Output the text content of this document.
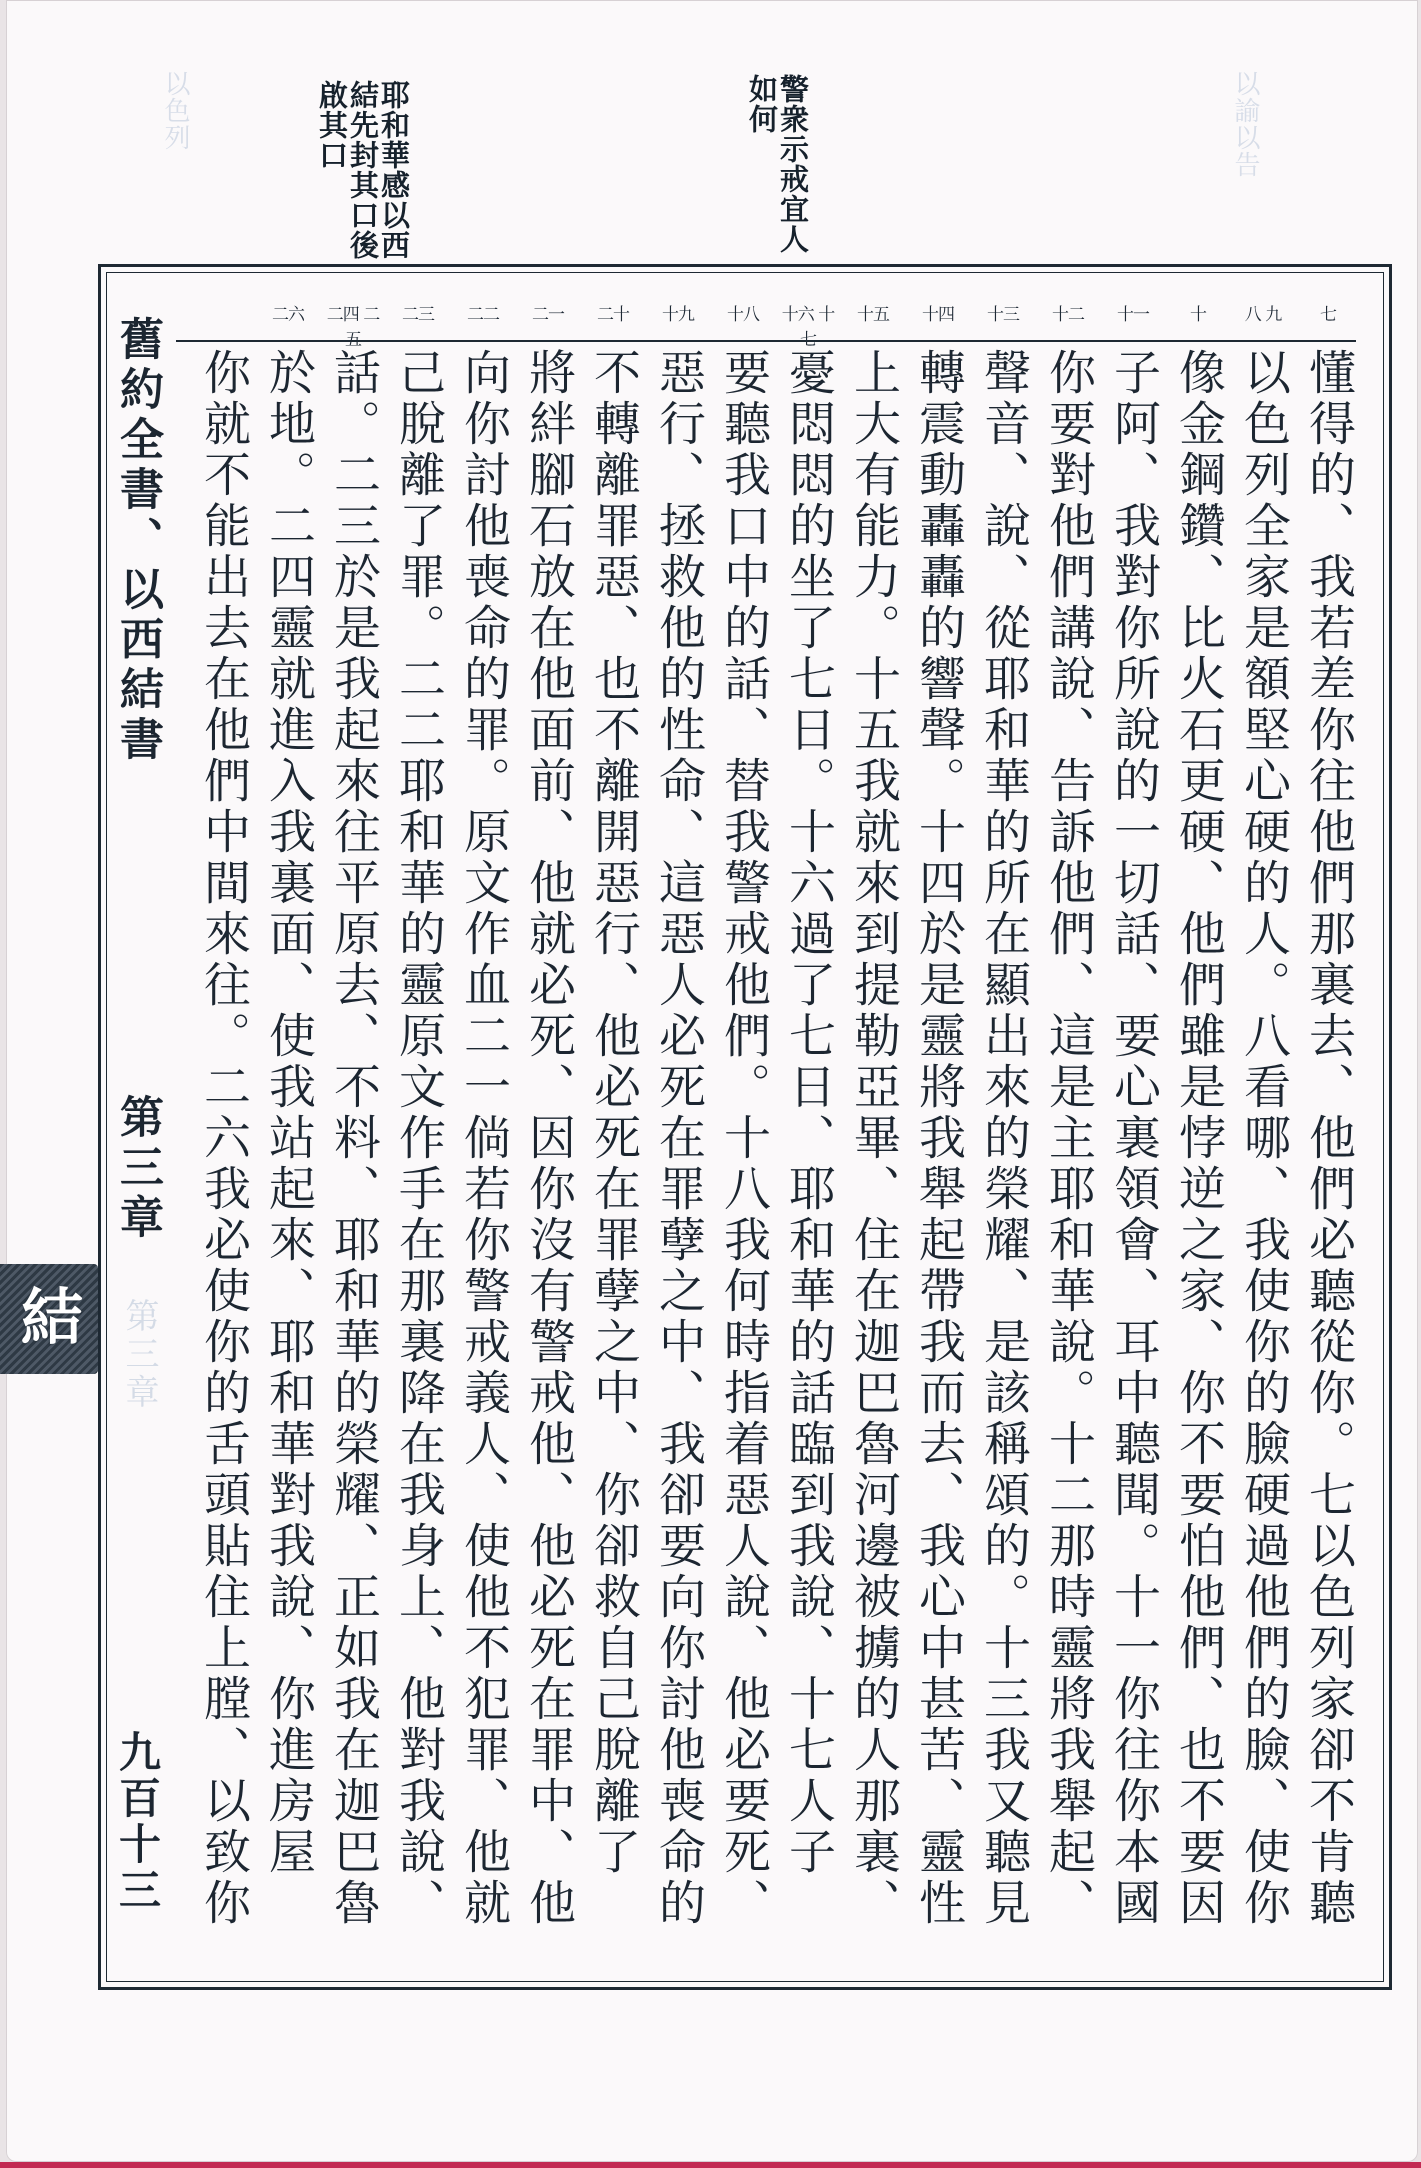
以諭以告
以色列	警衆示戒宜人如何
耶和華感以西結先封其口後啟其口
七
八 九
十
十一
十二
十三
十四
十五
十六 十七
十八
十九
二十
二一
二二
二三
二四 二五
二六
懂得的、我若差你往他們那裏去、他們必聽從你。七以色列家卻不肯聽
以色列全家是額堅心硬的人。八看哪、我使你的臉硬過他們的臉、使你
像金鋼鑽、比火石更硬、他們雖是悖逆之家、你不要怕他們、也不要因
子阿、我對你所說的一切話、要心裏領會、耳中聽聞。十一你往你本國
你要對他們講說、告訴他們、這是主耶和華說。十二那時靈將我舉起、
聲音、說、從耶和華的所在顯出來的榮耀、是該稱頌的。十三我又聽見
轉震動轟轟的響聲。十四於是靈將我舉起帶我而去、我心中甚苦、靈性
上大有能力。十五我就來到提勒亞畢、住在迦巴魯河邊被擄的人那裏、
憂悶悶的坐了七日。十六過了七日、耶和華的話臨到我說、十七人子
要聽我口中的話、替我警戒他們。十八我何時指着惡人說、他必要死、
惡行、拯救他的性命、這惡人必死在罪孽之中、我卻要向你討他喪命的
不轉離罪惡、也不離開惡行、他必死在罪孽之中、你卻救自己脫離了
將絆腳石放在他面前、他就必死、因你沒有警戒他、他必死在罪中、他
向你討他喪命的罪。原文作血二一倘若你警戒義人、使他不犯罪、他就
己脫離了罪。二二耶和華的靈原文作手在那裏降在我身上、他對我說、
話。二三於是我起來往平原去、不料、耶和華的榮耀、正如我在迦巴魯
於地。二四靈就進入我裏面、使我站起來、耶和華對我說、你進房屋
你就不能出去在他們中間來往。二六我必使你的舌頭貼住上膛、以致你
舊約全書、以西結書
第三章
結 第三章
九百十三
